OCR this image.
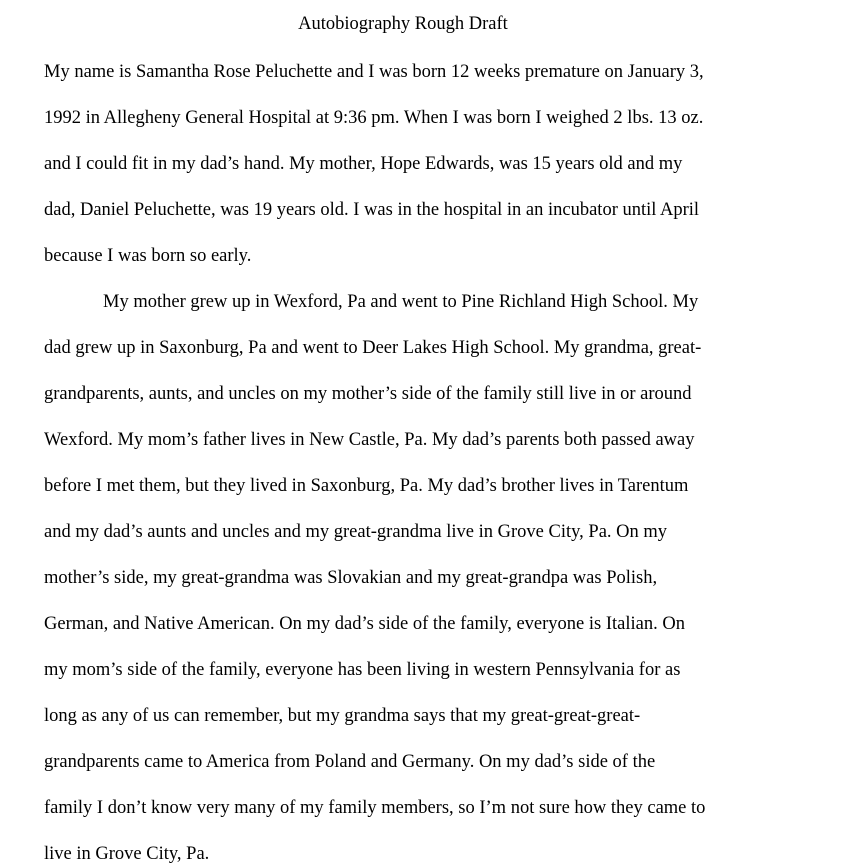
Autobiography Rough Draft
My name is Samantha Rose Peluchette and I was born 12 weeks premature on January 3,
1992 in Allegheny General Hospital at 9:36 pm. When I was born I weighed 2 lbs. 13 oz.
and I could fit in my dad’s hand. My mother, Hope Edwards, was 15 years old and my
dad, Daniel Peluchette, was 19 years old. I was in the hospital in an incubator until April
because I was born so early.
My mother grew up in Wexford, Pa and went to Pine Richland High School. My
dad grew up in Saxonburg, Pa and went to Deer Lakes High School. My grandma, great-
grandparents, aunts, and uncles on my mother’s side of the family still live in or around
Wexford. My mom’s father lives in New Castle, Pa. My dad’s parents both passed away
before I met them, but they lived in Saxonburg, Pa. My dad’s brother lives in Tarentum
and my dad’s aunts and uncles and my great-grandma live in Grove City, Pa. On my
mother’s side, my great-grandma was Slovakian and my great-grandpa was Polish,
German, and Native American. On my dad’s side of the family, everyone is Italian. On
my mom’s side of the family, everyone has been living in western Pennsylvania for as
long as any of us can remember, but my grandma says that my great-great-great-
grandparents came to America from Poland and Germany. On my dad’s side of the
family I don’t know very many of my family members, so I’m not sure how they came to
live in Grove City, Pa.
